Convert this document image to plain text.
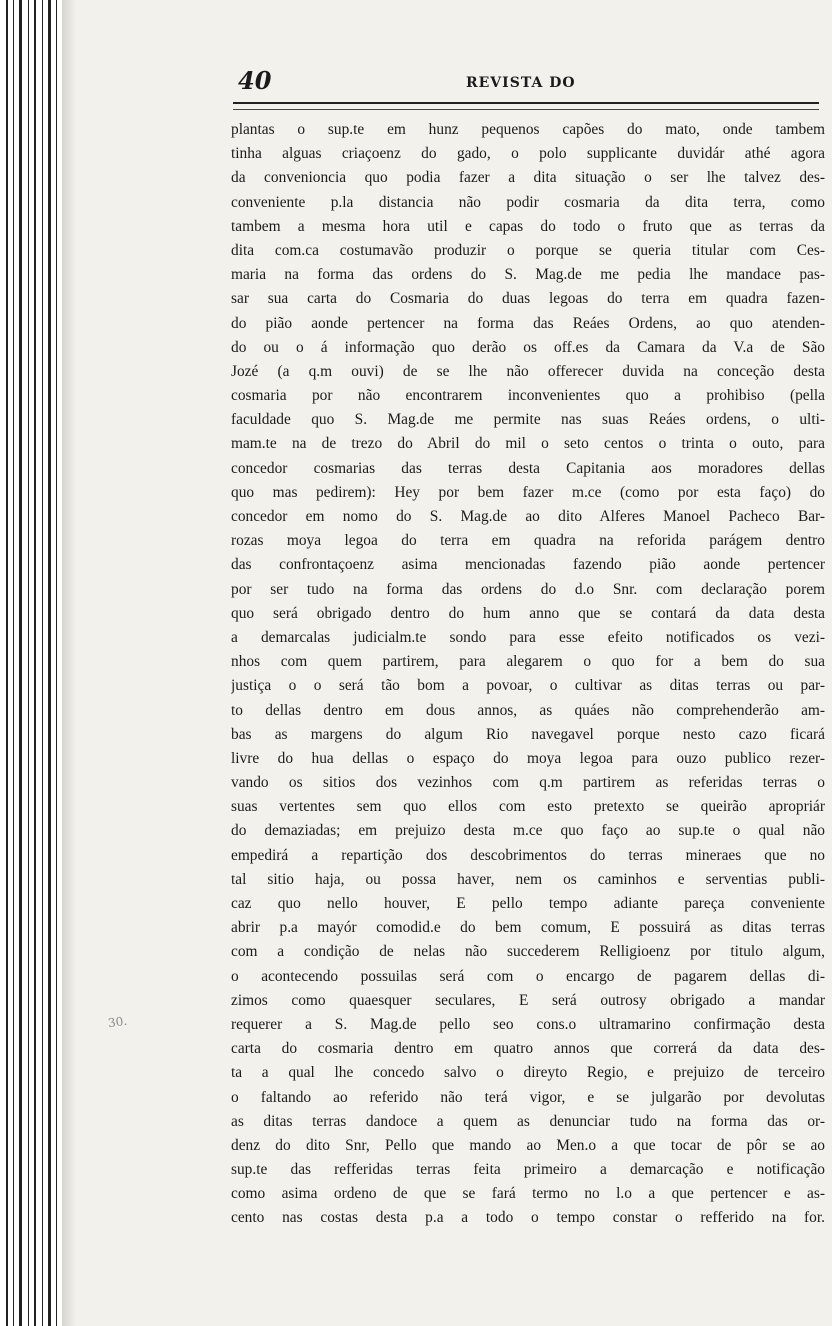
40	REVISTA DO
30.
plantas o sup.te em hunz pequenos capões do mato, onde tambem
tinha alguas criaçoenz do gado, o polo supplicante duvidár athé agora
da convenioncia quo podia fazer a dita situação o ser lhe talvez des-
conveniente p.la distancia não podir cosmaria da dita terra, como
tambem a mesma hora util e capas do todo o fruto que as terras da
dita com.ca costumavão produzir o porque se queria titular com Ces-
maria na forma das ordens do S. Mag.de me pedia lhe mandace pas-
sar sua carta do Cosmaria do duas legoas do terra em quadra fazen-
do pião aonde pertencer na forma das Reáes Ordens, ao quo atenden-
do ou o á informação quo derão os off.es da Camara da V.a de São
Jozé (a q.m ouvi) de se lhe não offerecer duvida na conceção desta
cosmaria por não encontrarem inconvenientes quo a prohibiso (pella
faculdade quo S. Mag.de me permite nas suas Reáes ordens, o ulti-
mam.te na de trezo do Abril do mil o seto centos o trinta o outo, para
concedor cosmarias das terras desta Capitania aos moradores dellas
quo mas pedirem): Hey por bem fazer m.ce (como por esta faço) do
concedor em nomo do S. Mag.de ao dito Alferes Manoel Pacheco Bar-
rozas moya legoa do terra em quadra na reforida parágem dentro
das confrontaçoenz asima mencionadas fazendo pião aonde pertencer
por ser tudo na forma das ordens do d.o Snr. com declaração porem
quo será obrigado dentro do hum anno que se contará da data desta
a demarcalas judicialm.te sondo para esse efeito notificados os vezi-
nhos com quem partirem, para alegarem o quo for a bem do sua
justiça o o será tão bom a povoar, o cultivar as ditas terras ou par-
to dellas dentro em dous annos, as quáes não comprehenderão am-
bas as margens do algum Rio navegavel porque nesto cazo ficará
livre do hua dellas o espaço do moya legoa para ouzo publico rezer-
vando os sitios dos vezinhos com q.m partirem as referidas terras o
suas vertentes sem quo ellos com esto pretexto se queirão apropriár
do demaziadas; em prejuizo desta m.ce quo faço ao sup.te o qual não
empedirá a repartição dos descobrimentos do terras mineraes que no
tal sitio haja, ou possa haver, nem os caminhos e serventias publi-
caz quo nello houver, E pello tempo adiante pareça conveniente
abrir p.a mayór comodid.e do bem comum, E possuirá as ditas terras
com a condição de nelas não succederem Relligioenz por titulo algum,
o acontecendo possuilas será com o encargo de pagarem dellas di-
zimos como quaesquer seculares, E será outrosy obrigado a mandar
requerer a S. Mag.de pello seo cons.o ultramarino confirmação desta
carta do cosmaria dentro em quatro annos que correrá da data des-
ta a qual lhe concedo salvo o direyto Regio, e prejuizo de terceiro
o faltando ao referido não terá vigor, e se julgarão por devolutas
as ditas terras dandoce a quem as denunciar tudo na forma das or-
denz do dito Snr, Pello que mando ao Men.o a que tocar de pôr se ao
sup.te das refferidas terras feita primeiro a demarcação e notificação
como asima ordeno de que se fará termo no l.o a que pertencer e as-
cento nas costas desta p.a a todo o tempo constar o refferido na for.
